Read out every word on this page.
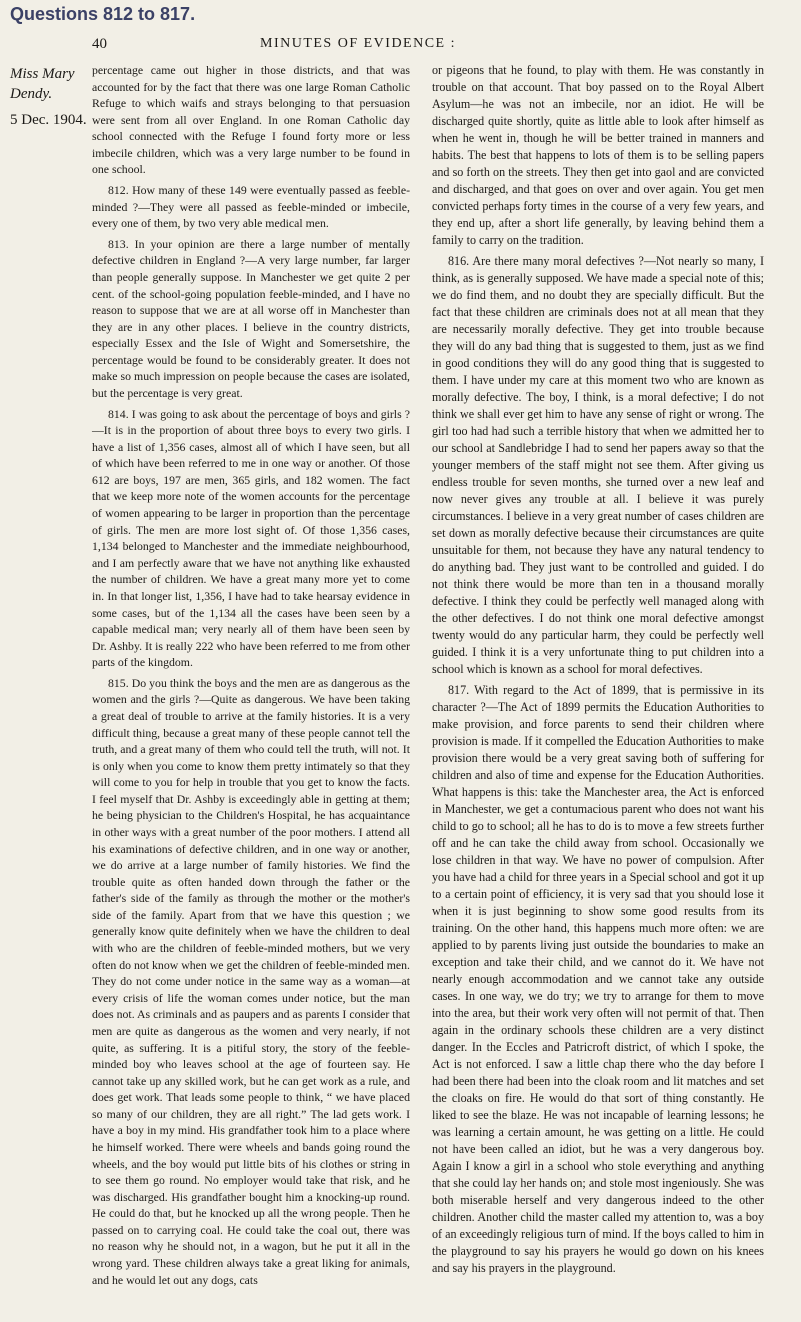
Questions 812 to 817.
40	MINUTES OF EVIDENCE :
Miss Mary Dendy.
5 Dec. 1904.

percentage came out higher in those districts, and that was accounted for by the fact that there was one large Roman Catholic Refuge to which waifs and strays belonging to that persuasion were sent from all over England. In one Roman Catholic day school connected with the Refuge I found forty more or less imbecile children, which was a very large number to be found in one school.

812. How many of these 149 were eventually passed as feeble-minded ?—They were all passed as feeble-minded or imbecile, every one of them, by two very able medical men.

813. In your opinion are there a large number of mentally defective children in England ?—A very large number, far larger than people generally suppose. In Manchester we get quite 2 per cent. of the school-going population feeble-minded, and I have no reason to suppose that we are at all worse off in Manchester than they are in any other places. I believe in the country districts, especially Essex and the Isle of Wight and Somersetshire, the percentage would be found to be considerably greater. It does not make so much impression on people because the cases are isolated, but the percentage is very great.

814. I was going to ask about the percentage of boys and girls ?—It is in the proportion of about three boys to every two girls. I have a list of 1,356 cases, almost all of which I have seen, but all of which have been referred to me in one way or another. Of those 612 are boys, 197 are men, 365 girls, and 182 women. The fact that we keep more note of the women accounts for the percentage of women appearing to be larger in proportion than the percentage of girls. The men are more lost sight of. Of those 1,356 cases, 1,134 belonged to Manchester and the immediate neighbourhood, and I am perfectly aware that we have not anything like exhausted the number of children. We have a great many more yet to come in. In that longer list, 1,356, I have had to take hearsay evidence in some cases, but of the 1,134 all the cases have been seen by a capable medical man; very nearly all of them have been seen by Dr. Ashby. It is really 222 who have been referred to me from other parts of the kingdom.

815. Do you think the boys and the men are as dangerous as the women and the girls ?—Quite as dangerous. We have been taking a great deal of trouble to arrive at the family histories. It is a very difficult thing, because a great many of these people cannot tell the truth, and a great many of them who could tell the truth, will not. It is only when you come to know them pretty intimately so that they will come to you for help in trouble that you get to know the facts. I feel myself that Dr. Ashby is exceedingly able in getting at them; he being physician to the Children's Hospital, he has acquaintance in other ways with a great number of the poor mothers. I attend all his examinations of defective children, and in one way or another, we do arrive at a large number of family histories. We find the trouble quite as often handed down through the father or the father's side of the family as through the mother or the mother's side of the family. Apart from that we have this question ; we generally know quite definitely when we have the children to deal with who are the children of feeble-minded mothers, but we very often do not know when we get the children of feeble-minded men. They do not come under notice in the same way as a woman—at every crisis of life the woman comes under notice, but the man does not. As criminals and as paupers and as parents I consider that men are quite as dangerous as the women and very nearly, if not quite, as suffering. It is a pitiful story, the story of the feeble-minded boy who leaves school at the age of fourteen say. He cannot take up any skilled work, but he can get work as a rule, and does get work. That leads some people to think, “ we have placed so many of our children, they are all right.” The lad gets work. I have a boy in my mind. His grandfather took him to a place where he himself worked. There were wheels and bands going round the wheels, and the boy would put little bits of his clothes or string in to see them go round. No employer would take that risk, and he was discharged. His grandfather bought him a knocking-up round. He could do that, but he knocked up all the wrong people. Then he passed on to carrying coal. He could take the coal out, there was no reason why he should not, in a wagon, but he put it all in the wrong yard. These children always take a great liking for animals, and he would let out any dogs, cats

or pigeons that he found, to play with them. He was constantly in trouble on that account. That boy passed on to the Royal Albert Asylum—he was not an imbecile, nor an idiot. He will be discharged quite shortly, quite as little able to look after himself as when he went in, though he will be better trained in manners and habits. The best that happens to lots of them is to be selling papers and so forth on the streets. They then get into gaol and are convicted and discharged, and that goes on over and over again. You get men convicted perhaps forty times in the course of a very few years, and they end up, after a short life generally, by leaving behind them a family to carry on the tradition.

816. Are there many moral defectives ?—Not nearly so many, I think, as is generally supposed. We have made a special note of this; we do find them, and no doubt they are specially difficult. But the fact that these children are criminals does not at all mean that they are necessarily morally defective. They get into trouble because they will do any bad thing that is suggested to them, just as we find in good conditions they will do any good thing that is suggested to them. I have under my care at this moment two who are known as morally defective. The boy, I think, is a moral defective; I do not think we shall ever get him to have any sense of right or wrong. The girl too had had such a terrible history that when we admitted her to our school at Sandlebridge I had to send her papers away so that the younger members of the staff might not see them. After giving us endless trouble for seven months, she turned over a new leaf and now never gives any trouble at all. I believe it was purely circumstances. I believe in a very great number of cases children are set down as morally defective because their circumstances are quite unsuitable for them, not because they have any natural tendency to do anything bad. They just want to be controlled and guided. I do not think there would be more than ten in a thousand morally defective. I think they could be perfectly well managed along with the other defectives. I do not think one moral defective amongst twenty would do any particular harm, they could be perfectly well guided. I think it is a very unfortunate thing to put children into a school which is known as a school for moral defectives.

817. With regard to the Act of 1899, that is permissive in its character ?—The Act of 1899 permits the Education Authorities to make provision, and force parents to send their children where provision is made. If it compelled the Education Authorities to make provision there would be a very great saving both of suffering for children and also of time and expense for the Education Authorities. What happens is this: take the Manchester area, the Act is enforced in Manchester, we get a contumacious parent who does not want his child to go to school; all he has to do is to move a few streets further off and he can take the child away from school. Occasionally we lose children in that way. We have no power of compulsion. After you have had a child for three years in a Special school and got it up to a certain point of efficiency, it is very sad that you should lose it when it is just beginning to show some good results from its training. On the other hand, this happens much more often: we are applied to by parents living just outside the boundaries to make an exception and take their child, and we cannot do it. We have not nearly enough accommodation and we cannot take any outside cases. In one way, we do try; we try to arrange for them to move into the area, but their work very often will not permit of that. Then again in the ordinary schools these children are a very distinct danger. In the Eccles and Patricroft district, of which I spoke, the Act is not enforced. I saw a little chap there who the day before I had been there had been into the cloak room and lit matches and set the cloaks on fire. He would do that sort of thing constantly. He liked to see the blaze. He was not incapable of learning lessons; he was learning a certain amount, he was getting on a little. He could not have been called an idiot, but he was a very dangerous boy. Again I know a girl in a school who stole everything and anything that she could lay her hands on; and stole most ingeniously. She was both miserable herself and very dangerous indeed to the other children. Another child the master called my attention to, was a boy of an exceedingly religious turn of mind. If the boys called to him in the playground to say his prayers he would go down on his knees and say his prayers in the playground.
